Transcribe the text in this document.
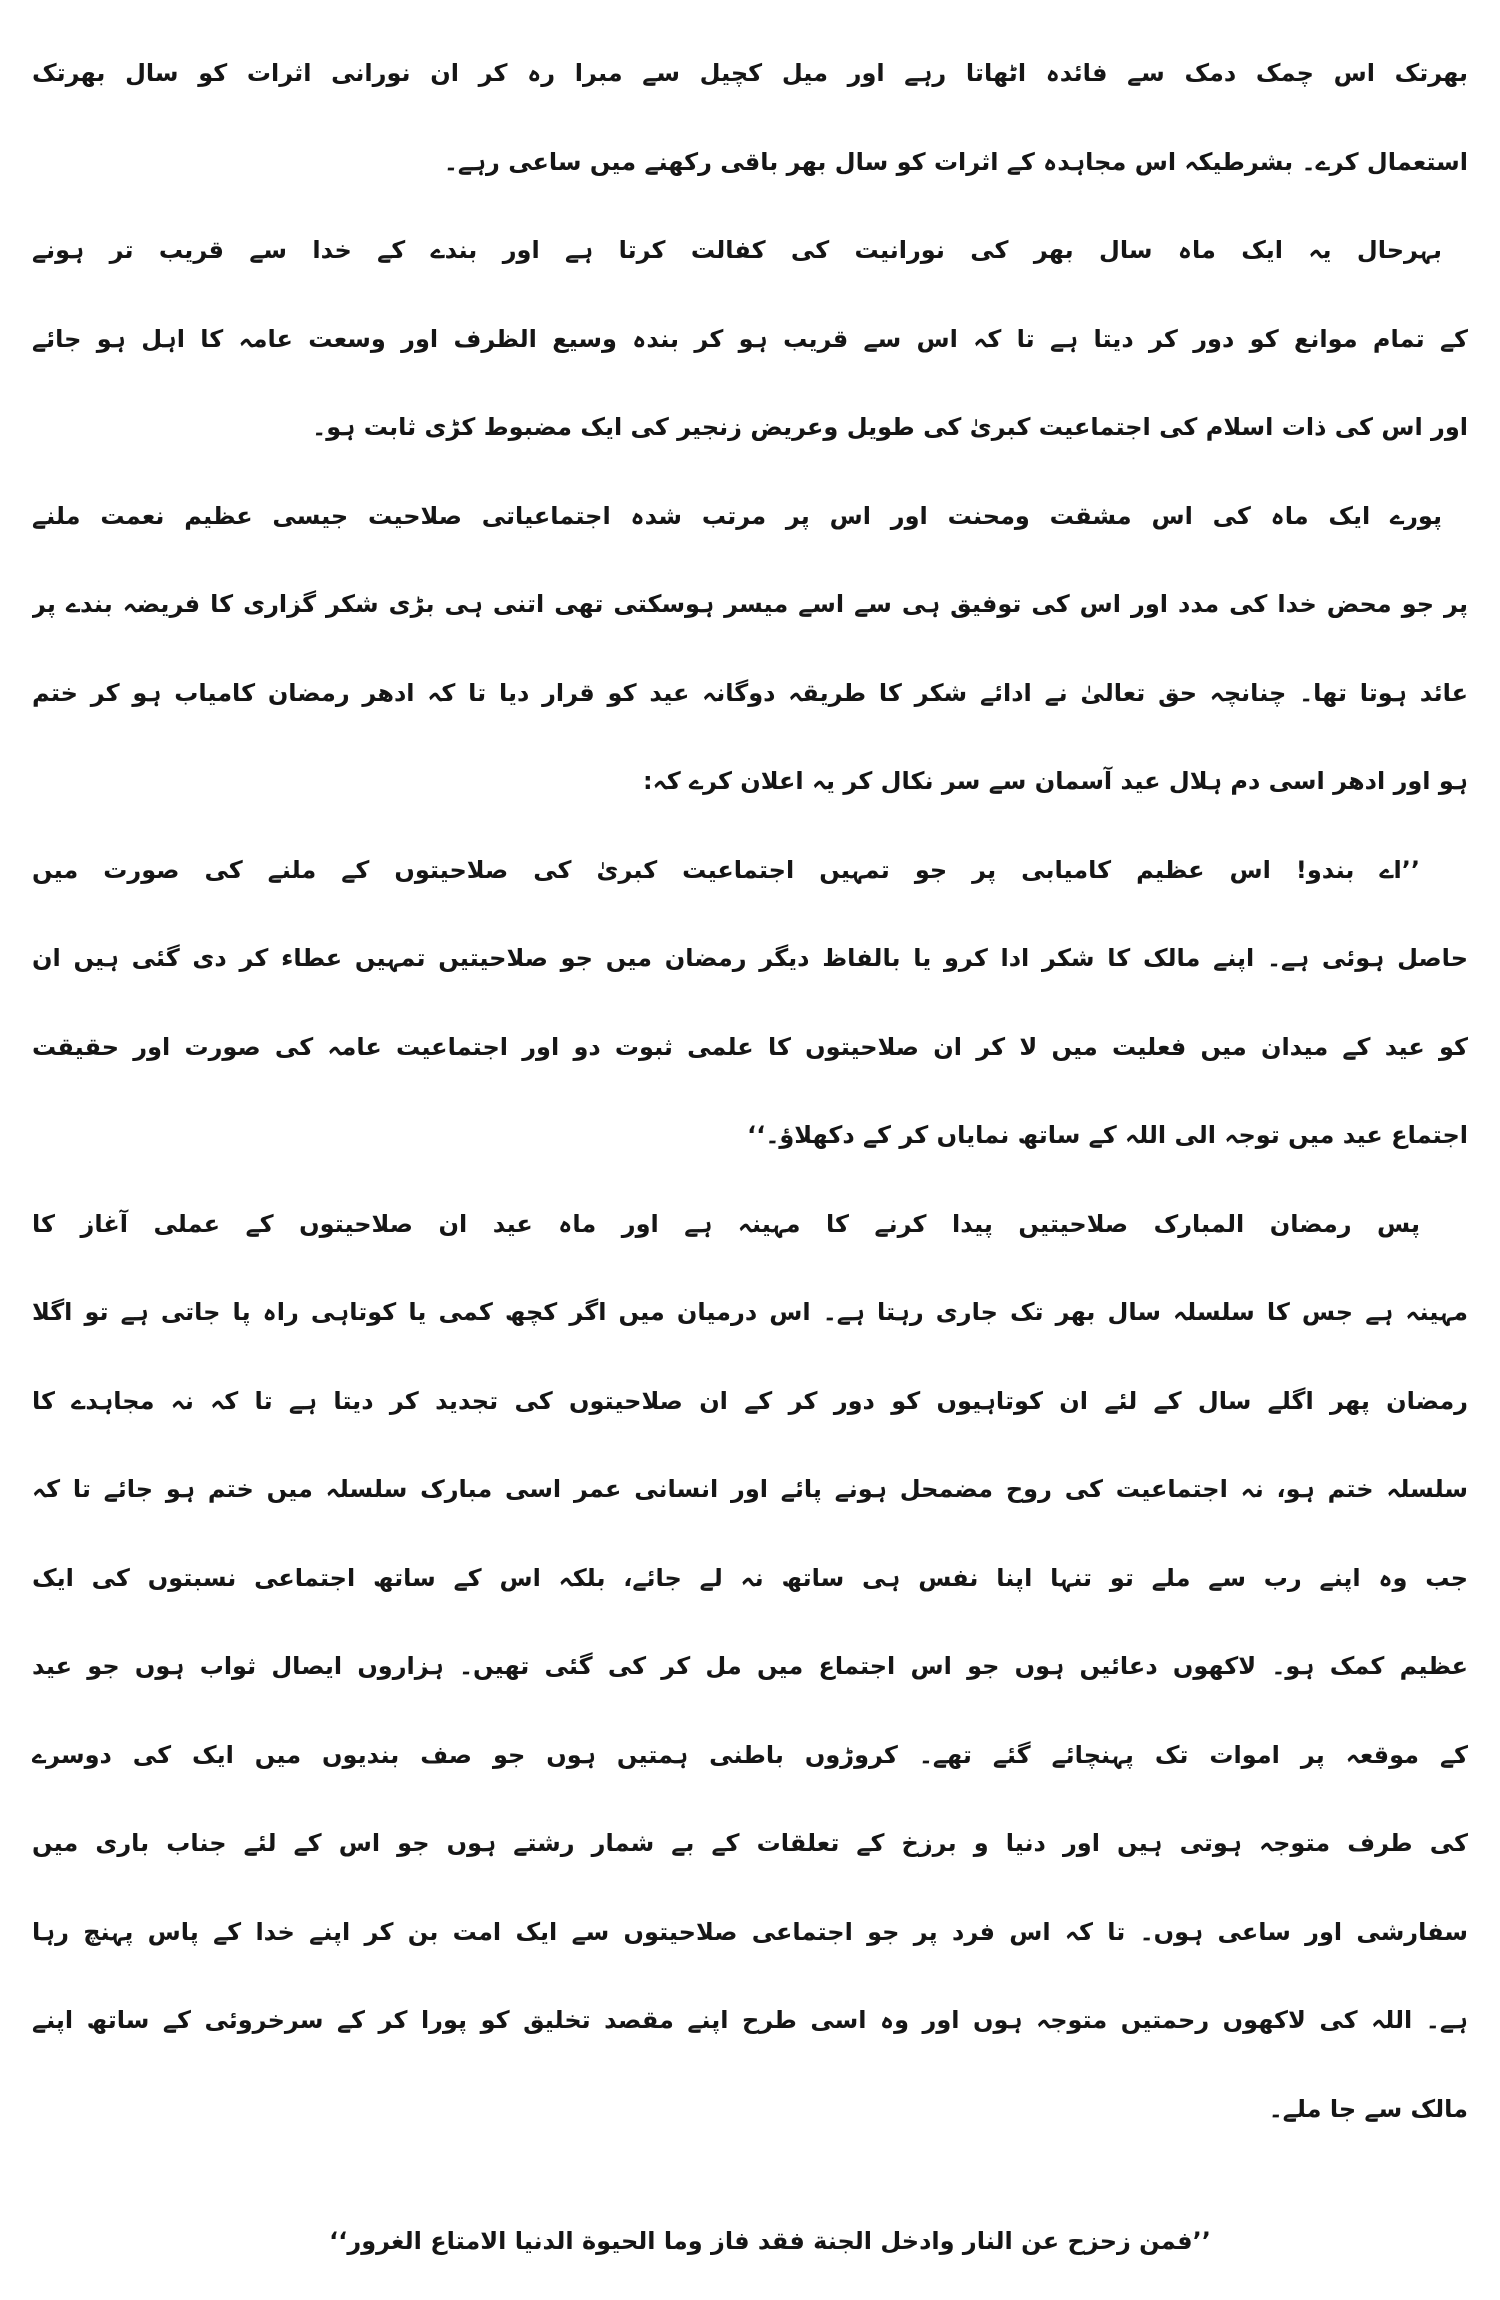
بھرتک اس چمک دمک سے فائدہ اٹھاتا رہے اور میل کچیل سے مبرا رہ کر ان نورانی اثرات کو سال بھرتک
استعمال کرے۔ بشرطیکہ اس مجاہدہ کے اثرات کو سال بھر باقی رکھنے میں ساعی رہے۔
بہرحال یہ ایک ماہ سال بھر کی نورانیت کی کفالت کرتا ہے اور بندے کے خدا سے قریب تر ہونے
کے تمام موانع کو دور کر دیتا ہے تا کہ اس سے قریب ہو کر بندہ وسیع الظرف اور وسعت عامہ کا اہل ہو جائے
اور اس کی ذات اسلام کی اجتماعیت کبریٰ کی طویل وعریض زنجیر کی ایک مضبوط کڑی ثابت ہو۔
پورے ایک ماہ کی اس مشقت ومحنت اور اس پر مرتب شدہ اجتماعیاتی صلاحیت جیسی عظیم نعمت ملنے
پر جو محض خدا کی مدد اور اس کی توفیق ہی سے اسے میسر ہوسکتی تھی اتنی ہی بڑی شکر گزاری کا فریضہ بندے پر
عائد ہوتا تھا۔ چنانچہ حق تعالیٰ نے ادائے شکر کا طریقہ دوگانہ عید کو قرار دیا تا کہ ادھر رمضان کامیاب ہو کر ختم
ہو اور ادھر اسی دم ہلال عید آسمان سے سر نکال کر یہ اعلان کرے کہ:
’’اے بندو! اس عظیم کامیابی پر جو تمہیں اجتماعیت کبریٰ کی صلاحیتوں کے ملنے کی صورت میں
حاصل ہوئی ہے۔ اپنے مالک کا شکر ادا کرو یا بالفاظ دیگر رمضان میں جو صلاحیتیں تمہیں عطاء کر دی گئی ہیں ان
کو عید کے میدان میں فعلیت میں لا کر ان صلاحیتوں کا علمی ثبوت دو اور اجتماعیت عامہ کی صورت اور حقیقت
اجتماع عید میں توجہ الی اللہ کے ساتھ نمایاں کر کے دکھلاؤ۔‘‘
پس رمضان المبارک صلاحیتیں پیدا کرنے کا مہینہ ہے اور ماہ عید ان صلاحیتوں کے عملی آغاز کا
مہینہ ہے جس کا سلسلہ سال بھر تک جاری رہتا ہے۔ اس درمیان میں اگر کچھ کمی یا کوتاہی راہ پا جاتی ہے تو اگلا
رمضان پھر اگلے سال کے لئے ان کوتاہیوں کو دور کر کے ان صلاحیتوں کی تجدید کر دیتا ہے تا کہ نہ مجاہدے کا
سلسلہ ختم ہو، نہ اجتماعیت کی روح مضمحل ہونے پائے اور انسانی عمر اسی مبارک سلسلہ میں ختم ہو جائے تا کہ
جب وہ اپنے رب سے ملے تو تنہا اپنا نفس ہی ساتھ نہ لے جائے، بلکہ اس کے ساتھ اجتماعی نسبتوں کی ایک
عظیم کمک ہو۔ لاکھوں دعائیں ہوں جو اس اجتماع میں مل کر کی گئی تھیں۔ ہزاروں ایصال ثواب ہوں جو عید
کے موقعہ پر اموات تک پہنچائے گئے تھے۔ کروڑوں باطنی ہمتیں ہوں جو صف بندیوں میں ایک کی دوسرے
کی طرف متوجہ ہوتی ہیں اور دنیا و برزخ کے تعلقات کے بے شمار رشتے ہوں جو اس کے لئے جناب باری میں
سفارشی اور ساعی ہوں۔ تا کہ اس فرد پر جو اجتماعی صلاحیتوں سے ایک امت بن کر اپنے خدا کے پاس پہنچ رہا
ہے۔ اللہ کی لاکھوں رحمتیں متوجہ ہوں اور وہ اسی طرح اپنے مقصد تخلیق کو پورا کر کے سرخروئی کے ساتھ اپنے
مالک سے جا ملے۔
’’فمن زحزح عن النار وادخل الجنة فقد فاز وما الحيوة الدنيا الامتاع الغرور‘‘
